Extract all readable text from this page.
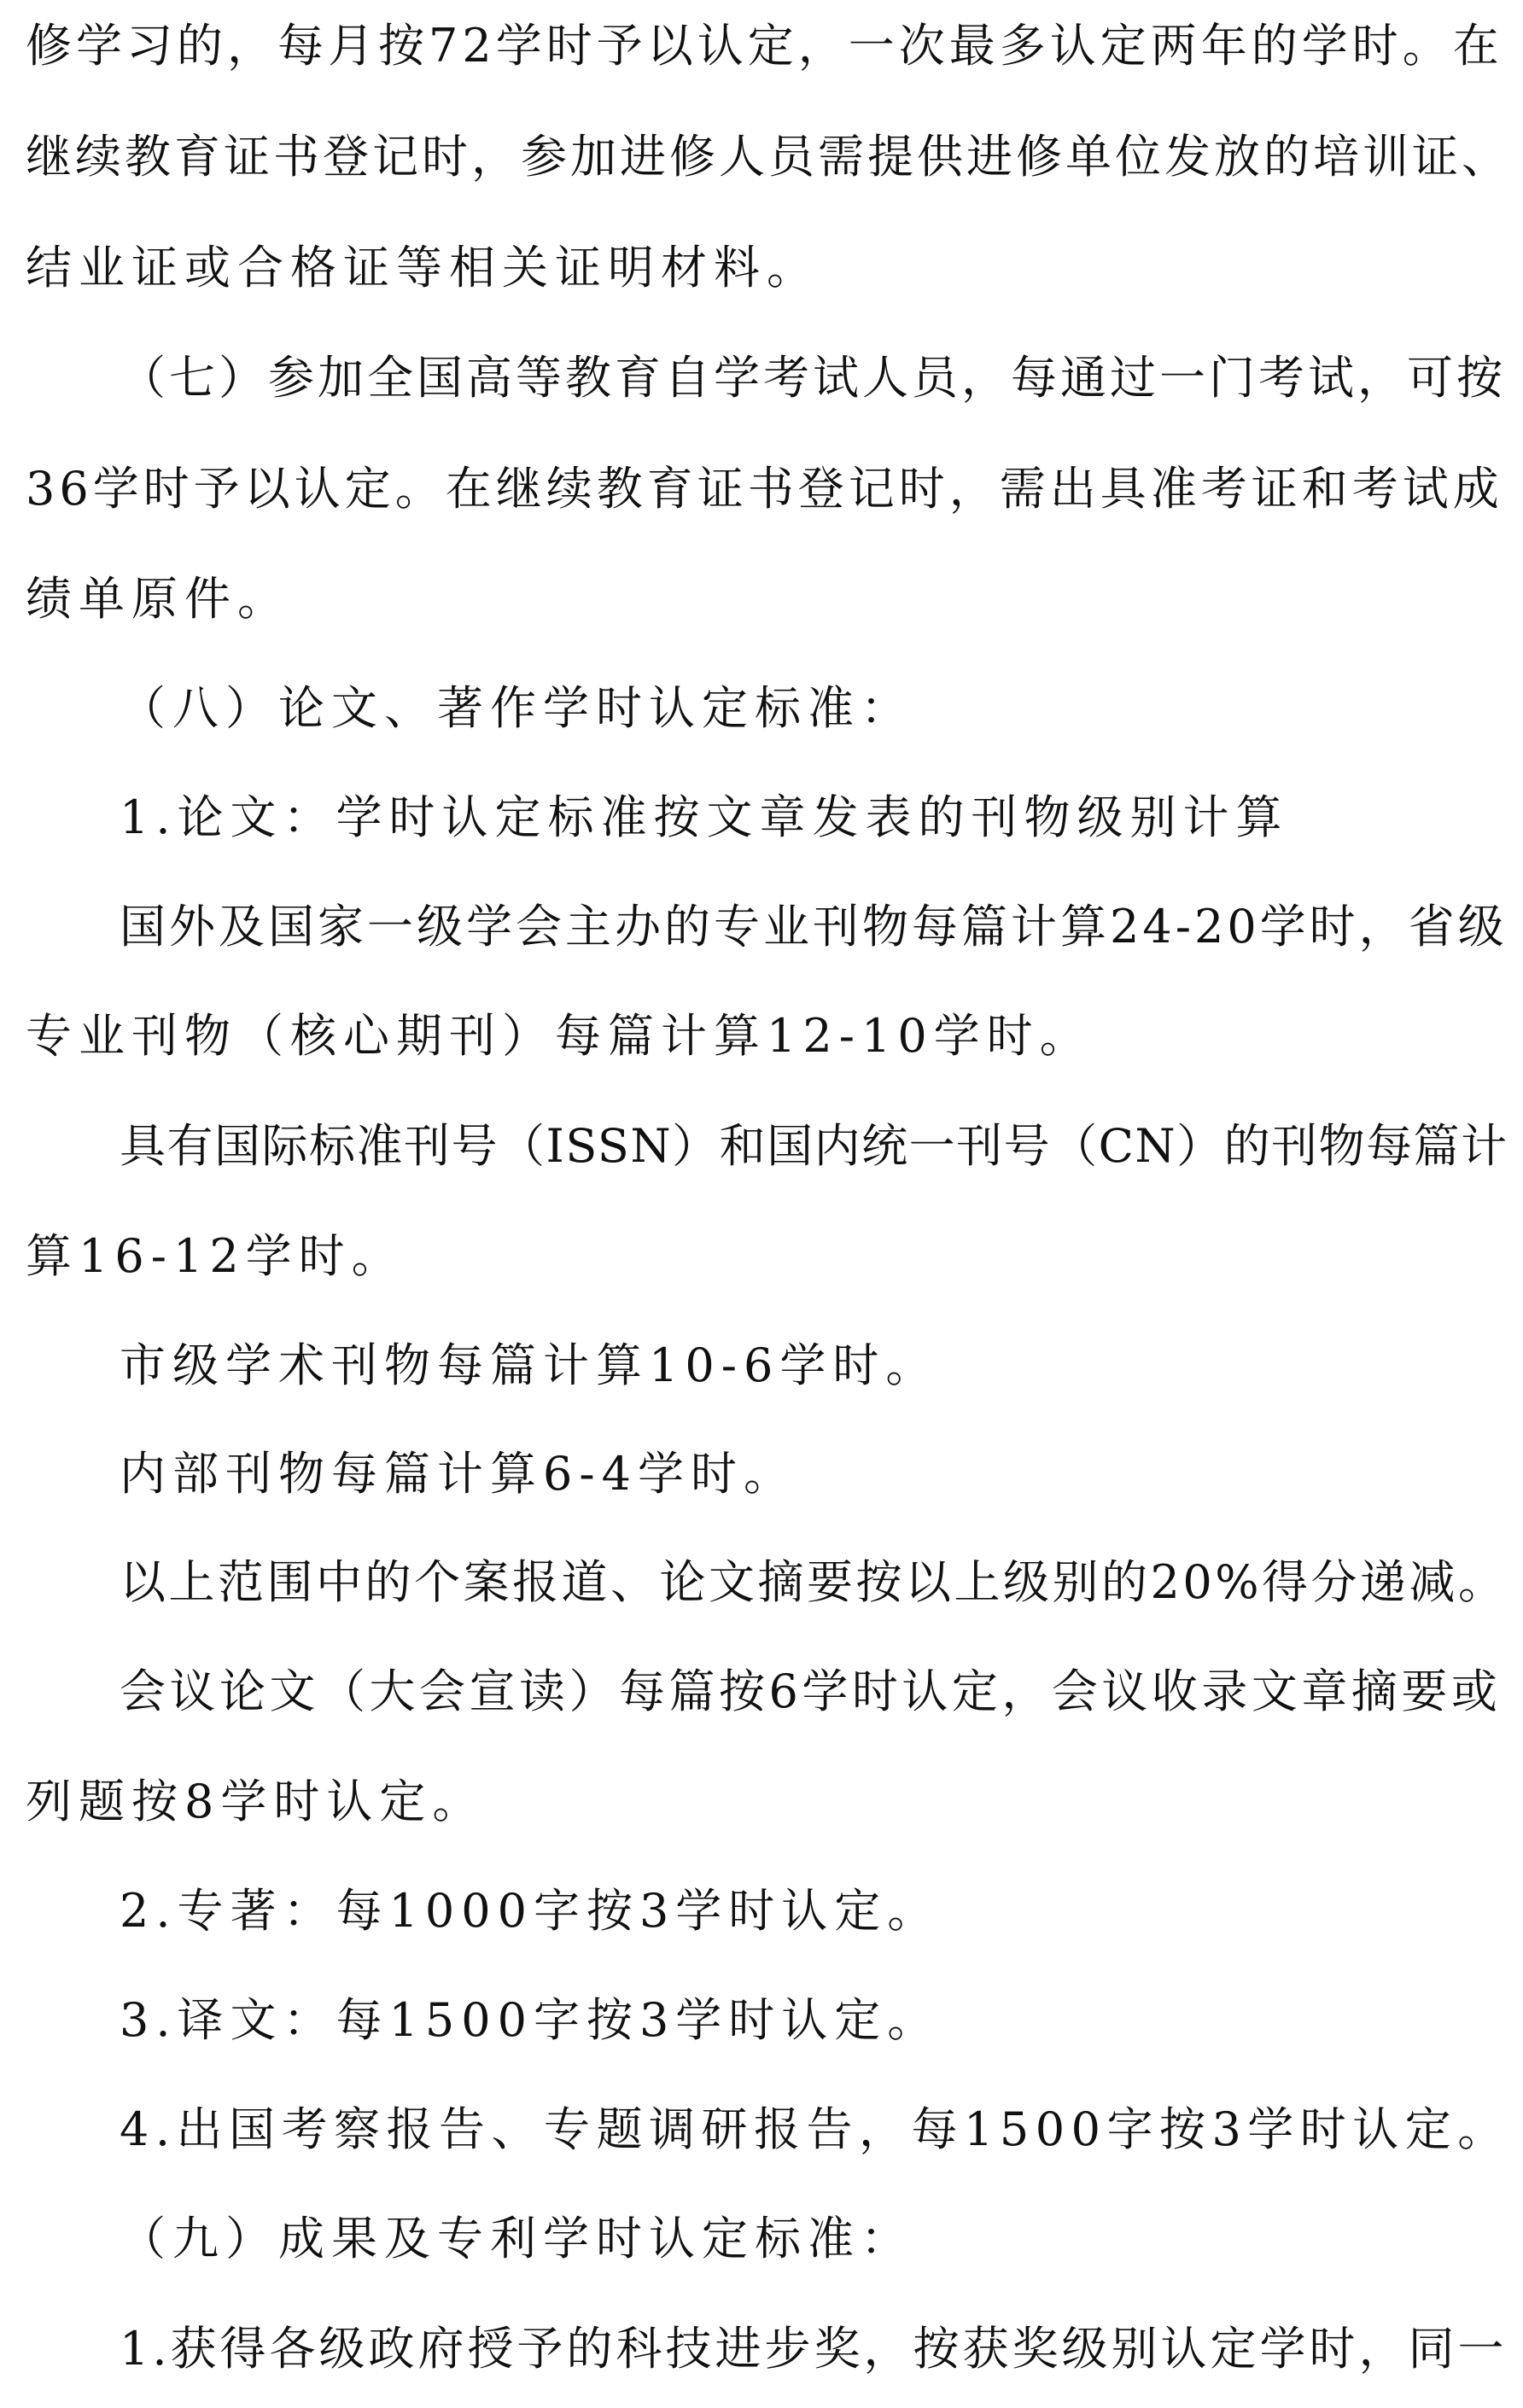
修学习的，每月按72学时予以认定，一次最多认定两年的学时。在
继续教育证书登记时，参加进修人员需提供进修单位发放的培训证、
结业证或合格证等相关证明材料。
（七）参加全国高等教育自学考试人员，每通过一门考试，可按
36学时予以认定。在继续教育证书登记时，需出具准考证和考试成
绩单原件。
（八）论文、著作学时认定标准：
1.论文：学时认定标准按文章发表的刊物级别计算
国外及国家一级学会主办的专业刊物每篇计算24-20学时，省级
专业刊物（核心期刊）每篇计算12-10学时。
具有国际标准刊号（ISSN）和国内统一刊号（CN）的刊物每篇计
算16-12学时。
市级学术刊物每篇计算10-6学时。
内部刊物每篇计算6-4学时。
以上范围中的个案报道、论文摘要按以上级别的20%得分递减。
会议论文（大会宣读）每篇按6学时认定，会议收录文章摘要或
列题按8学时认定。
2.专著：每1000字按3学时认定。
3.译文：每1500字按3学时认定。
4.出国考察报告、专题调研报告，每1500字按3学时认定。
（九）成果及专利学时认定标准：
1.获得各级政府授予的科技进步奖，按获奖级别认定学时，同一
